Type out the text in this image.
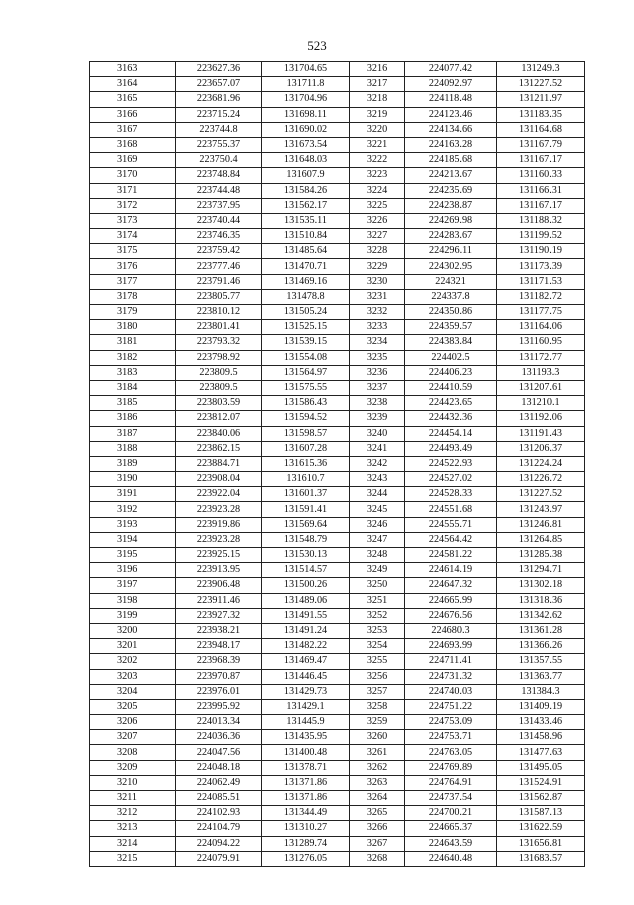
523
3163	223627.36	131704.65	3216	224077.42	131249.3
3164	223657.07	131711.8	3217	224092.97	131227.52
3165	223681.96	131704.96	3218	224118.48	131211.97
3166	223715.24	131698.11	3219	224123.46	131183.35
3167	223744.8	131690.02	3220	224134.66	131164.68
3168	223755.37	131673.54	3221	224163.28	131167.79
3169	223750.4	131648.03	3222	224185.68	131167.17
3170	223748.84	131607.9	3223	224213.67	131160.33
3171	223744.48	131584.26	3224	224235.69	131166.31
3172	223737.95	131562.17	3225	224238.87	131167.17
3173	223740.44	131535.11	3226	224269.98	131188.32
3174	223746.35	131510.84	3227	224283.67	131199.52
3175	223759.42	131485.64	3228	224296.11	131190.19
3176	223777.46	131470.71	3229	224302.95	131173.39
3177	223791.46	131469.16	3230	224321	131171.53
3178	223805.77	131478.8	3231	224337.8	131182.72
3179	223810.12	131505.24	3232	224350.86	131177.75
3180	223801.41	131525.15	3233	224359.57	131164.06
3181	223793.32	131539.15	3234	224383.84	131160.95
3182	223798.92	131554.08	3235	224402.5	131172.77
3183	223809.5	131564.97	3236	224406.23	131193.3
3184	223809.5	131575.55	3237	224410.59	131207.61
3185	223803.59	131586.43	3238	224423.65	131210.1
3186	223812.07	131594.52	3239	224432.36	131192.06
3187	223840.06	131598.57	3240	224454.14	131191.43
3188	223862.15	131607.28	3241	224493.49	131206.37
3189	223884.71	131615.36	3242	224522.93	131224.24
3190	223908.04	131610.7	3243	224527.02	131226.72
3191	223922.04	131601.37	3244	224528.33	131227.52
3192	223923.28	131591.41	3245	224551.68	131243.97
3193	223919.86	131569.64	3246	224555.71	131246.81
3194	223923.28	131548.79	3247	224564.42	131264.85
3195	223925.15	131530.13	3248	224581.22	131285.38
3196	223913.95	131514.57	3249	224614.19	131294.71
3197	223906.48	131500.26	3250	224647.32	131302.18
3198	223911.46	131489.06	3251	224665.99	131318.36
3199	223927.32	131491.55	3252	224676.56	131342.62
3200	223938.21	131491.24	3253	224680.3	131361.28
3201	223948.17	131482.22	3254	224693.99	131366.26
3202	223968.39	131469.47	3255	224711.41	131357.55
3203	223970.87	131446.45	3256	224731.32	131363.77
3204	223976.01	131429.73	3257	224740.03	131384.3
3205	223995.92	131429.1	3258	224751.22	131409.19
3206	224013.34	131445.9	3259	224753.09	131433.46
3207	224036.36	131435.95	3260	224753.71	131458.96
3208	224047.56	131400.48	3261	224763.05	131477.63
3209	224048.18	131378.71	3262	224769.89	131495.05
3210	224062.49	131371.86	3263	224764.91	131524.91
3211	224085.51	131371.86	3264	224737.54	131562.87
3212	224102.93	131344.49	3265	224700.21	131587.13
3213	224104.79	131310.27	3266	224665.37	131622.59
3214	224094.22	131289.74	3267	224643.59	131656.81
3215	224079.91	131276.05	3268	224640.48	131683.57
